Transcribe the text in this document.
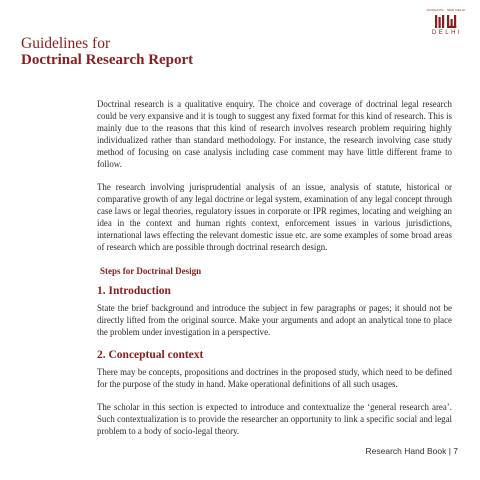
GURGAON · NEW DELHI
DELHI
Guidelines for
Doctrinal Research Report

Doctrinal research is a qualitative enquiry. The choice and coverage of doctrinal legal research could be very expansive and it is tough to suggest any fixed format for this kind of research. This is mainly due to the reasons that this kind of research involves research problem requiring highly individualized rather than standard methodology. For instance, the research involving case study method of focusing on case analysis including case comment may have little different frame to follow.

The research involving jurisprudential analysis of an issue, analysis of statute, historical or comparative growth of any legal doctrine or legal system, examination of any legal concept through case laws or legal theories, regulatory issues in corporate or IPR regimes, locating and weighing an idea in the context and human rights context, enforcement issues in various jurisdictions, international laws effecting the relevant domestic issue etc. are some examples of some broad areas of research which are possible through doctrinal research design.

Steps for Doctrinal Design
1. Introduction

State the brief background and introduce the subject in few paragraphs or pages; it should not be directly lifted from the original source. Make your arguments and adopt an analytical tone to place the problem under investigation in a perspective.

2. Conceptual context

There may be concepts, propositions and doctrines in the proposed study, which need to be defined for the purpose of the study in hand. Make operational definitions of all such usages.

The scholar in this section is expected to introduce and contextualize the ‘general research area’. Such contextualization is to provide the researcher an opportunity to link a specific social and legal problem to a body of socio-legal theory.

Research Hand Book | 7
